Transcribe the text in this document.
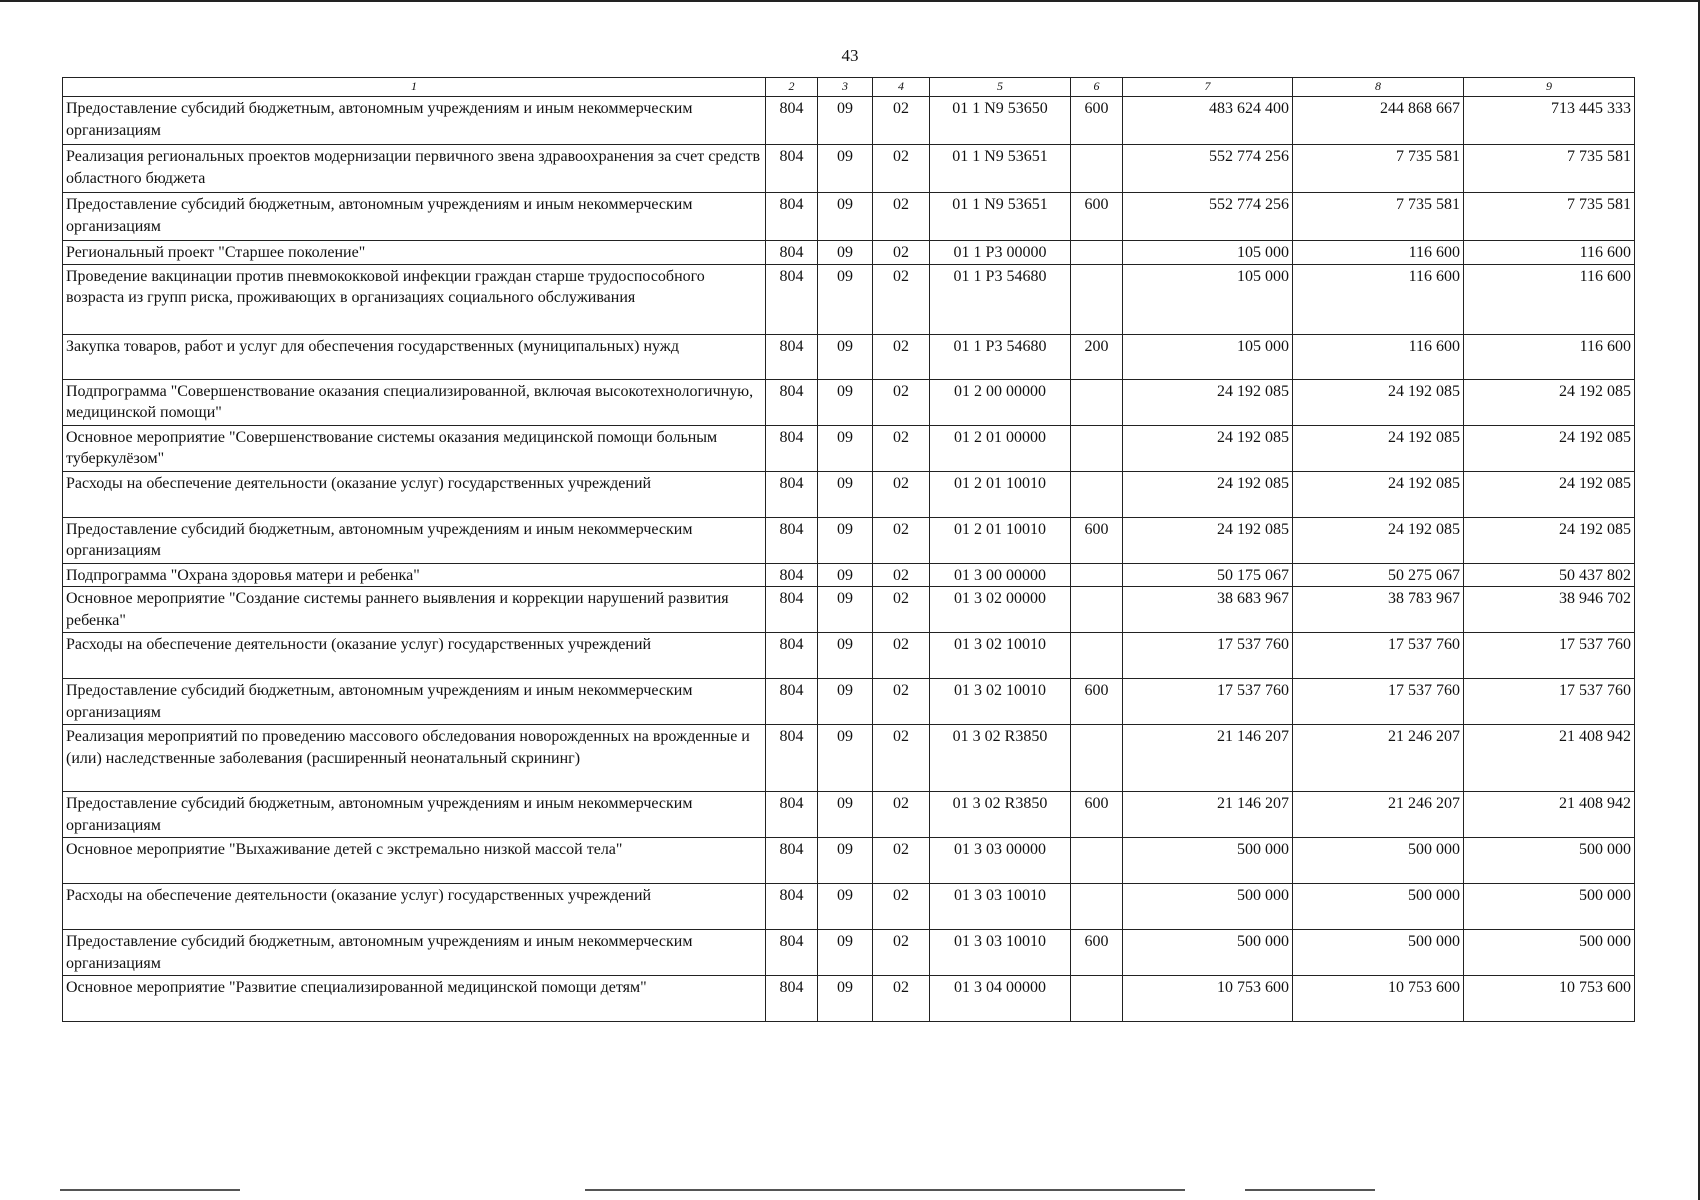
43
1	2	3	4	5	6	7	8	9
Предоставление субсидий бюджетным, автономным учреждениям и иным некоммерческим организациям	804	09	02	01 1 N9 53650	600	483 624 400	244 868 667	713 445 333
Реализация региональных проектов модернизации первичного звена здравоохранения за счет средств областного бюджета	804	09	02	01 1 N9 53651		552 774 256	7 735 581	7 735 581
Предоставление субсидий бюджетным, автономным учреждениям и иным некоммерческим организациям	804	09	02	01 1 N9 53651	600	552 774 256	7 735 581	7 735 581
Региональный проект "Старшее поколение"	804	09	02	01 1 P3 00000		105 000	116 600	116 600
Проведение вакцинации против пневмококковой инфекции граждан старше трудоспособного возраста из групп риска, проживающих в организациях социального обслуживания	804	09	02	01 1 P3 54680		105 000	116 600	116 600
Закупка товаров, работ и услуг для обеспечения государственных (муниципальных) нужд	804	09	02	01 1 P3 54680	200	105 000	116 600	116 600
Подпрограмма "Совершенствование оказания специализированной, включая высокотехнологичную, медицинской помощи"	804	09	02	01 2 00 00000		24 192 085	24 192 085	24 192 085
Основное мероприятие "Совершенствование системы оказания медицинской помощи больным туберкулёзом"	804	09	02	01 2 01 00000		24 192 085	24 192 085	24 192 085
Расходы на обеспечение деятельности (оказание услуг) государственных учреждений	804	09	02	01 2 01 10010		24 192 085	24 192 085	24 192 085
Предоставление субсидий бюджетным, автономным учреждениям и иным некоммерческим организациям	804	09	02	01 2 01 10010	600	24 192 085	24 192 085	24 192 085
Подпрограмма "Охрана здоровья матери и ребенка"	804	09	02	01 3 00 00000		50 175 067	50 275 067	50 437 802
Основное мероприятие "Создание системы раннего выявления и коррекции нарушений развития ребенка"	804	09	02	01 3 02 00000		38 683 967	38 783 967	38 946 702
Расходы на обеспечение деятельности (оказание услуг) государственных учреждений	804	09	02	01 3 02 10010		17 537 760	17 537 760	17 537 760
Предоставление субсидий бюджетным, автономным учреждениям и иным некоммерческим организациям	804	09	02	01 3 02 10010	600	17 537 760	17 537 760	17 537 760
Реализация мероприятий по проведению массового обследования новорожденных на врожденные и (или) наследственные заболевания (расширенный неонатальный скрининг)	804	09	02	01 3 02 R3850		21 146 207	21 246 207	21 408 942
Предоставление субсидий бюджетным, автономным учреждениям и иным некоммерческим организациям	804	09	02	01 3 02 R3850	600	21 146 207	21 246 207	21 408 942
Основное мероприятие "Выхаживание детей с экстремально низкой массой тела"	804	09	02	01 3 03 00000		500 000	500 000	500 000
Расходы на обеспечение деятельности (оказание услуг) государственных учреждений	804	09	02	01 3 03 10010		500 000	500 000	500 000
Предоставление субсидий бюджетным, автономным учреждениям и иным некоммерческим организациям	804	09	02	01 3 03 10010	600	500 000	500 000	500 000
Основное мероприятие "Развитие специализированной медицинской помощи детям"	804	09	02	01 3 04 00000		10 753 600	10 753 600	10 753 600
